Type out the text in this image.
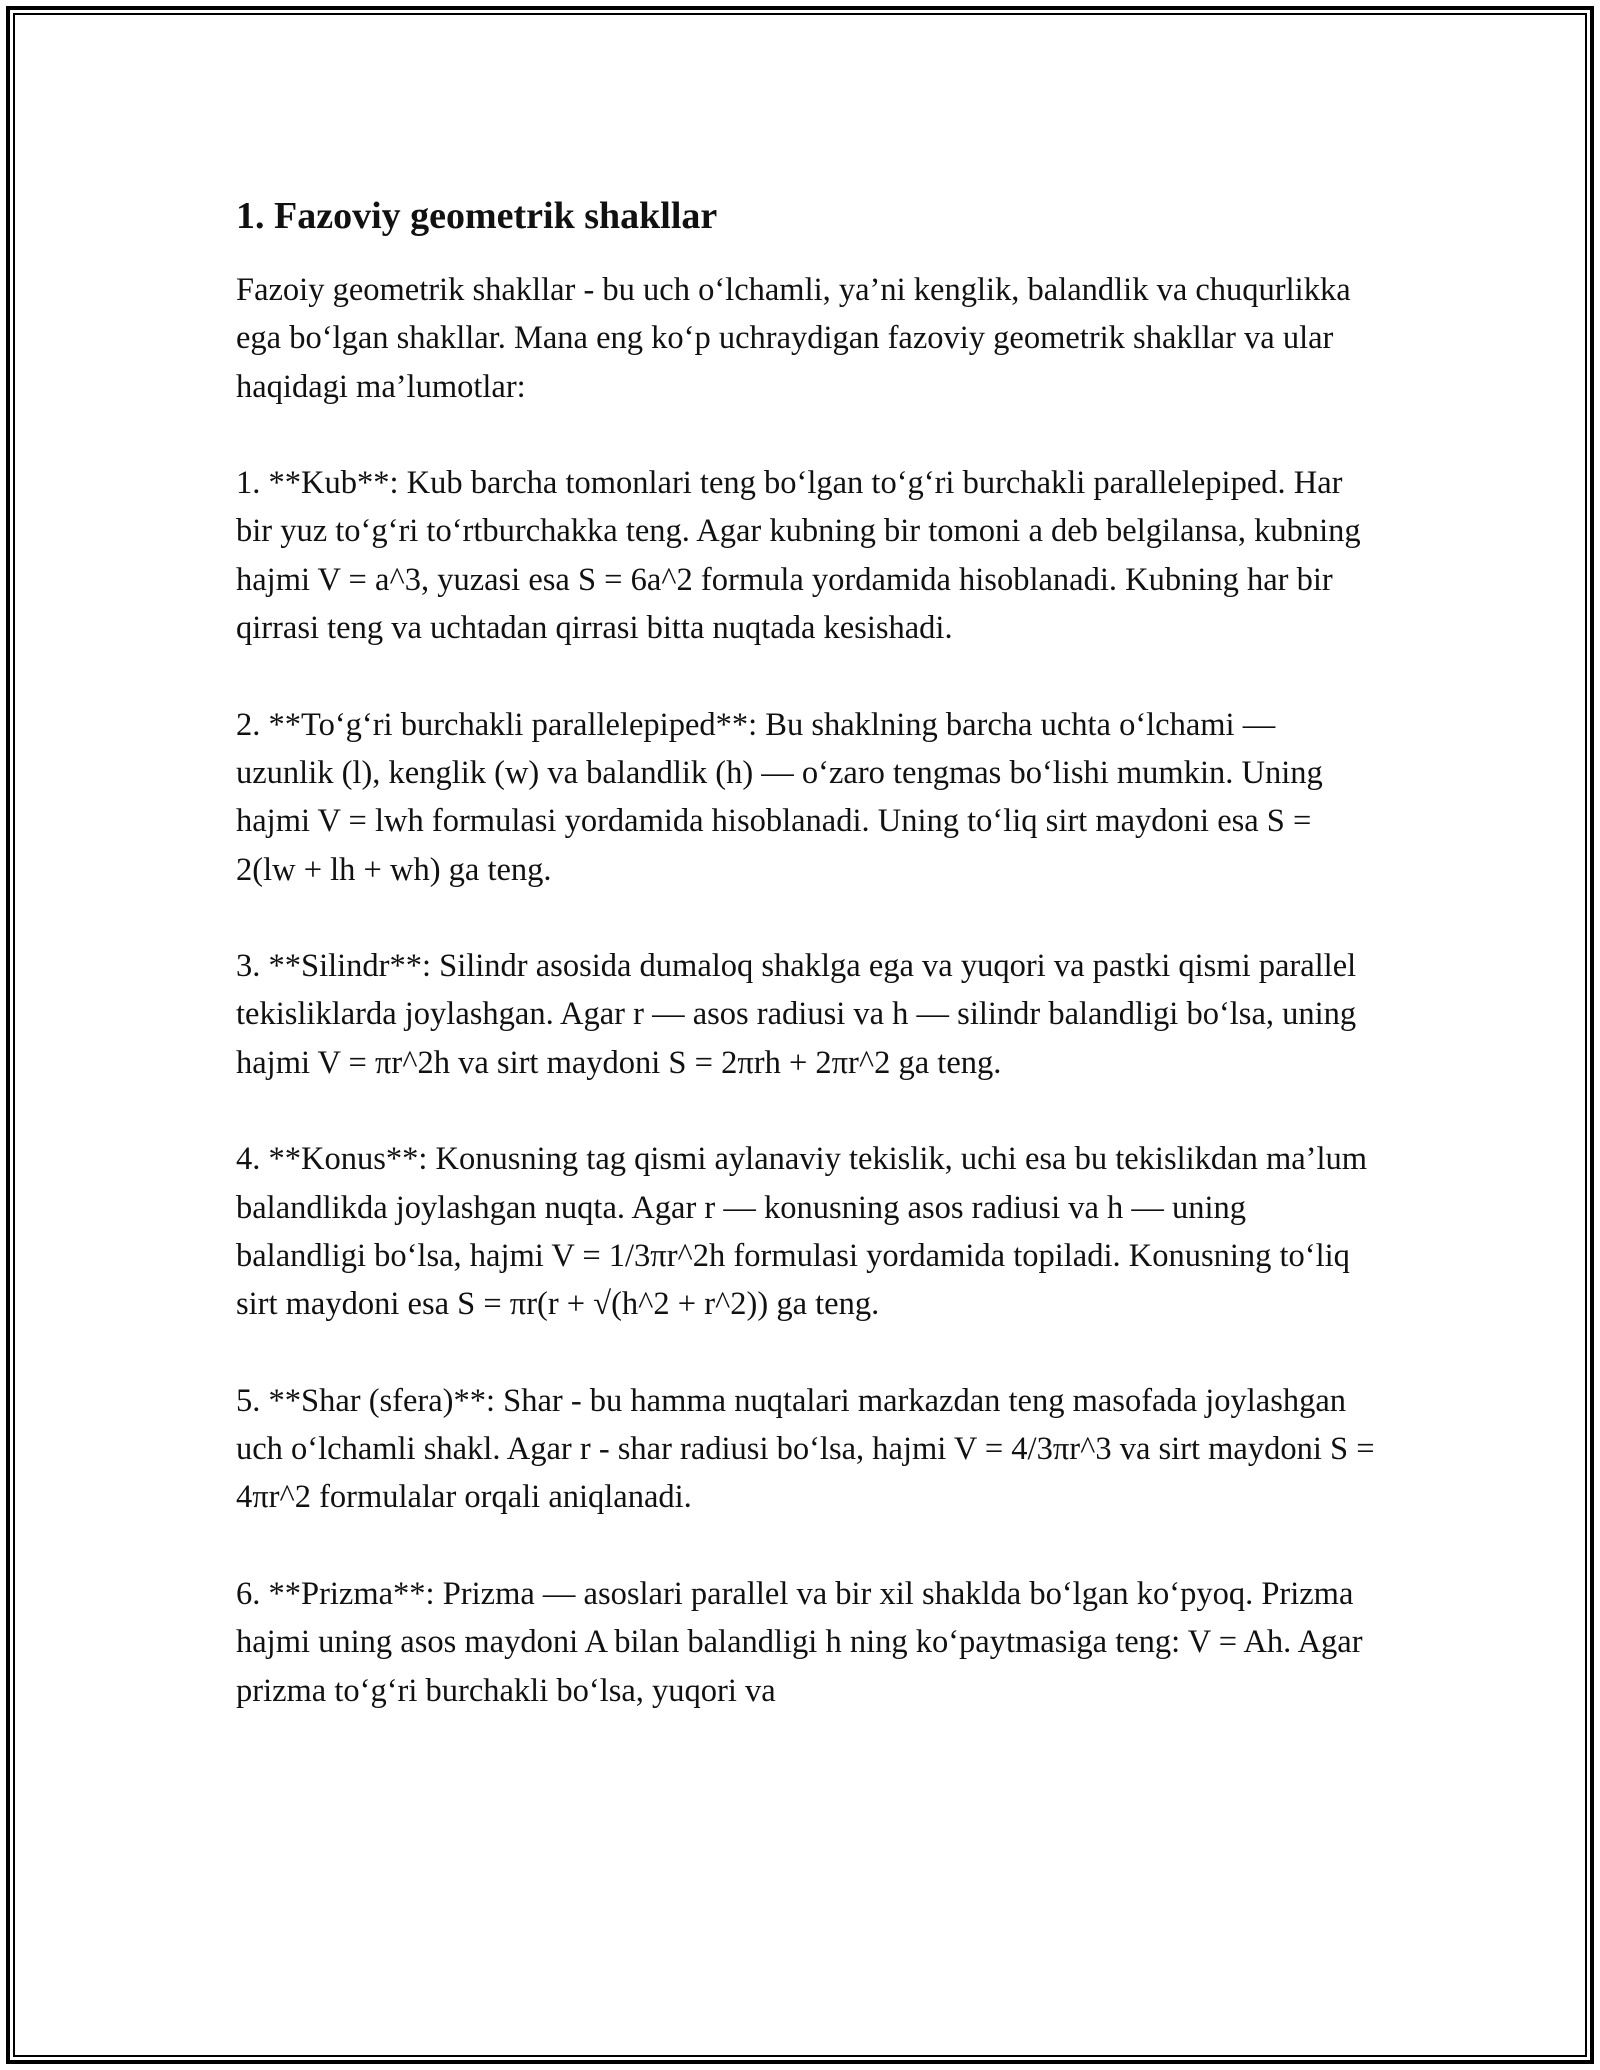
1. Fazoviy geometrik shakllar

Fazoiy geometrik shakllar - bu uch o‘lchamli, ya’ni kenglik, balandlik va chuqurlikka ega bo‘lgan shakllar. Mana eng ko‘p uchraydigan fazoviy geometrik shakllar va ular haqidagi ma’lumotlar:

1. **Kub**: Kub barcha tomonlari teng bo‘lgan to‘g‘ri burchakli parallelepiped. Har bir yuz to‘g‘ri to‘rtburchakka teng. Agar kubning bir tomoni a deb belgilansa, kubning hajmi V = a^3, yuzasi esa S = 6a^2 formula yordamida hisoblanadi. Kubning har bir qirrasi teng va uchtadan qirrasi bitta nuqtada kesishadi.

2. **To‘g‘ri burchakli parallelepiped**: Bu shaklning barcha uchta o‘lchami — uzunlik (l), kenglik (w) va balandlik (h) — o‘zaro tengmas bo‘lishi mumkin. Uning hajmi V = lwh formulasi yordamida hisoblanadi. Uning to‘liq sirt maydoni esa S = 2(lw + lh + wh) ga teng.

3. **Silindr**: Silindr asosida dumaloq shaklga ega va yuqori va pastki qismi parallel tekisliklarda joylashgan. Agar r — asos radiusi va h — silindr balandligi bo‘lsa, uning hajmi V = πr^2h va sirt maydoni S = 2πrh + 2πr^2 ga teng.

4. **Konus**: Konusning tag qismi aylanaviy tekislik, uchi esa bu tekislikdan ma’lum balandlikda joylashgan nuqta. Agar r — konusning asos radiusi va h — uning balandligi bo‘lsa, hajmi V = 1/3πr^2h formulasi yordamida topiladi. Konusning to‘liq sirt maydoni esa S = πr(r + √(h^2 + r^2)) ga teng.

5. **Shar (sfera)**: Shar - bu hamma nuqtalari markazdan teng masofada joylashgan uch o‘lchamli shakl. Agar r - shar radiusi bo‘lsa, hajmi V = 4/3πr^3 va sirt maydoni S = 4πr^2 formulalar orqali aniqlanadi.

6. **Prizma**: Prizma — asoslari parallel va bir xil shaklda bo‘lgan ko‘pyoq. Prizma hajmi uning asos maydoni A bilan balandligi h ning ko‘paytmasiga teng: V = Ah. Agar prizma to‘g‘ri burchakli bo‘lsa, yuqori va
